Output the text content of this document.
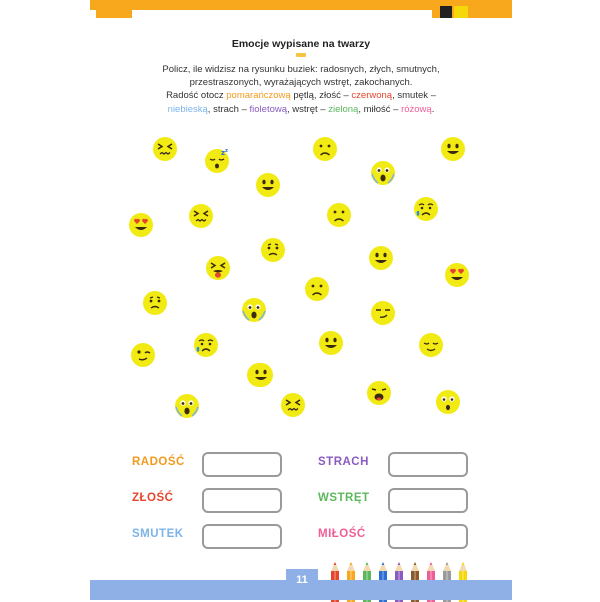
Emocje wypisane na twarzy
Policz, ile widzisz na rysunku buziek: radosnych, złych, smutnych,
przestraszonych, wyrażających wstręt, zakochanych.
Radość otocz pomarańczową pętlą, złość – czerwoną, smutek –
niebieską, strach – fioletową, wstręt – zieloną, miłość – różową.
z z
RADOŚĆ	STRACH
ZŁOŚĆ	WSTRĘT
SMUTEK	MIŁOŚĆ
11
